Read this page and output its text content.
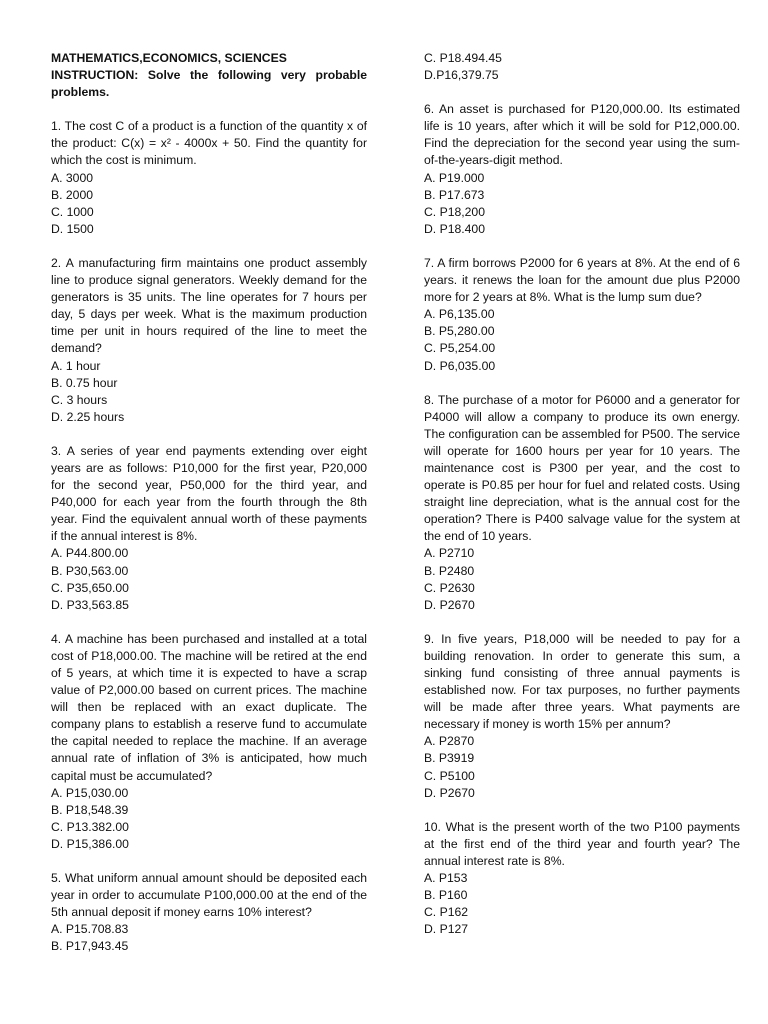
MATHEMATICS,ECONOMICS, SCIENCES
INSTRUCTION: Solve the following very probable problems.

1. The cost C of a product is a function of the quantity x of the product: C(x) = x² - 4000x + 50. Find the quantity for which the cost is minimum.

A. 3000

B. 2000

C. 1000

D. 1500

2. A manufacturing firm maintains one product assembly line to produce signal generators. Weekly demand for the generators is 35 units. The line operates for 7 hours per day, 5 days per week. What is the maximum production time per unit in hours required of the line to meet the demand?

A. 1 hour

B. 0.75 hour

C. 3 hours

D. 2.25 hours

3. A series of year end payments extending over eight years are as follows: P10,000 for the first year, P20,000 for the second year, P50,000 for the third year, and P40,000 for each year from the fourth through the 8th year. Find the equivalent annual worth of these payments if the annual interest is 8%.

A. P44.800.00

B. P30,563.00

C. P35,650.00

D. P33,563.85

4. A machine has been purchased and installed at a total cost of P18,000.00. The machine will be retired at the end of 5 years, at which time it is expected to have a scrap value of P2,000.00 based on current prices. The machine will then be replaced with an exact duplicate. The company plans to establish a reserve fund to accumulate the capital needed to replace the machine. If an average annual rate of inflation of 3% is anticipated, how much capital must be accumulated?

A. P15,030.00

B. P18,548.39

C. P13.382.00

D. P15,386.00

5. What uniform annual amount should be deposited each year in order to accumulate P100,000.00 at the end of the 5th annual deposit if money earns 10% interest?

A. P15.708.83

B. P17,943.45

C. P18.494.45

D.P16,379.75

6. An asset is purchased for P120,000.00. Its estimated life is 10 years, after which it will be sold for P12,000.00. Find the depreciation for the second year using the sum-of-the-years-digit method.

A. P19.000

B. P17.673

C. P18,200

D. P18.400

7. A firm borrows P2000 for 6 years at 8%. At the end of 6 years. it renews the loan for the amount due plus P2000 more for 2 years at 8%. What is the lump sum due?

A. P6,135.00

B. P5,280.00

C. P5,254.00

D. P6,035.00

8. The purchase of a motor for P6000 and a generator for P4000 will allow a company to produce its own energy. The configuration can be assembled for P500. The service will operate for 1600 hours per year for 10 years. The maintenance cost is P300 per year, and the cost to operate is P0.85 per hour for fuel and related costs. Using straight line depreciation, what is the annual cost for the operation? There is P400 salvage value for the system at the end of 10 years.

A. P2710

B. P2480

C. P2630

D. P2670

9. In five years, P18,000 will be needed to pay for a building renovation. In order to generate this sum, a sinking fund consisting of three annual payments is established now. For tax purposes, no further payments will be made after three years. What payments are necessary if money is worth 15% per annum?

A. P2870

B. P3919

C. P5100

D. P2670

10. What is the present worth of the two P100 payments at the first end of the third year and fourth year? The annual interest rate is 8%.

A. P153

B. P160

C. P162

D. P127
